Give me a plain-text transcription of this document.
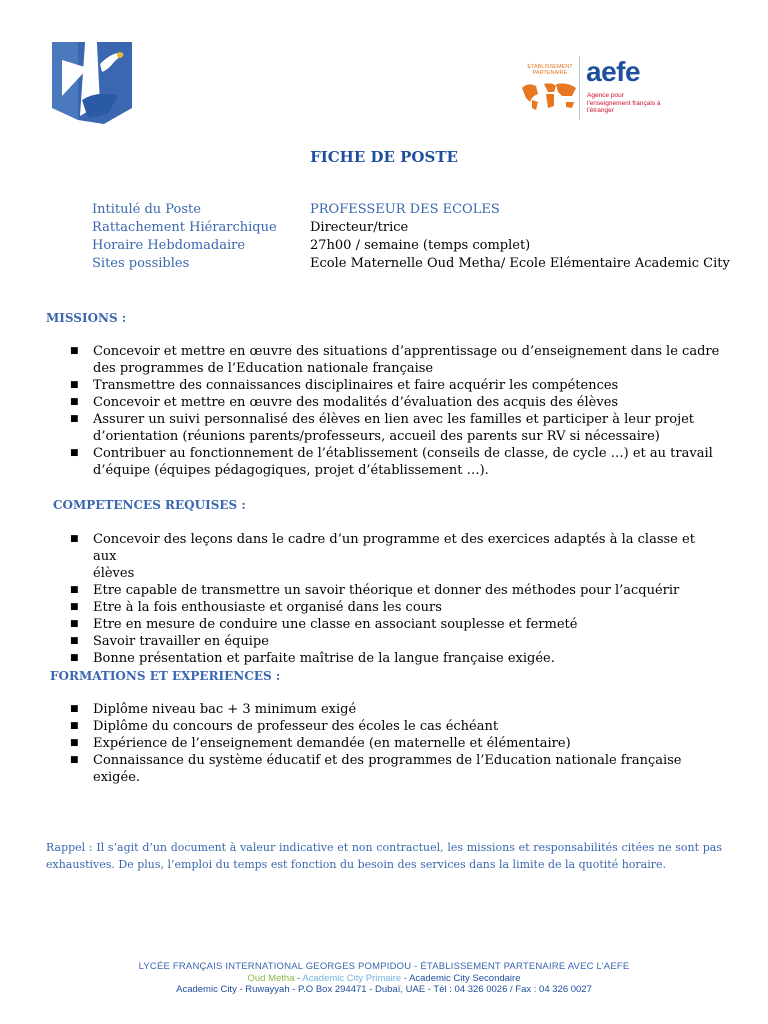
ÉTABLISSEMENT PARTENAIRE aefe
Agence pour l'enseignement français à l'étranger
FICHE DE POSTE
Intitulé du Poste	PROFESSEUR DES ECOLES
Rattachement Hiérarchique	Directeur/trice
Horaire Hebdomadaire	27h00 / semaine (temps complet)
Sites possibles	Ecole Maternelle Oud Metha/ Ecole Elémentaire Academic City
MISSIONS :
■ Concevoir et mettre en œuvre des situations d’apprentissage ou d’enseignement dans le cadre
des programmes de l’Education nationale française
■ Transmettre des connaissances disciplinaires et faire acquérir les compétences
■ Concevoir et mettre en œuvre des modalités d’évaluation des acquis des élèves
■ Assurer un suivi personnalisé des élèves en lien avec les familles et participer à leur projet
d’orientation (réunions parents/professeurs, accueil des parents sur RV si nécessaire)
■ Contribuer au fonctionnement de l’établissement (conseils de classe, de cycle …) et au travail
d’équipe (équipes pédagogiques, projet d’établissement …).
COMPETENCES REQUISES :
■ Concevoir des leçons dans le cadre d’un programme et des exercices adaptés à la classe et aux
élèves
■ Etre capable de transmettre un savoir théorique et donner des méthodes pour l’acquérir
■ Etre à la fois enthousiaste et organisé dans les cours
■ Etre en mesure de conduire une classe en associant souplesse et fermeté
■ Savoir travailler en équipe
■ Bonne présentation et parfaite maîtrise de la langue française exigée.
FORMATIONS ET EXPERIENCES :
■ Diplôme niveau bac + 3 minimum exigé
■ Diplôme du concours de professeur des écoles le cas échéant
■ Expérience de l’enseignement demandée (en maternelle et élémentaire)
■ Connaissance du système éducatif et des programmes de l’Education nationale française
exigée.
Rappel : Il s’agit d’un document à valeur indicative et non contractuel, les missions et responsabilités citées ne sont pas exhaustives. De plus, l’emploi du temps est fonction du besoin des services dans la limite de la quotité horaire.
LYCÉE FRANÇAIS INTERNATIONAL GEORGES POMPIDOU - ÉTABLISSEMENT PARTENAIRE AVEC L’AEFE
Oud Metha - Academic City Primaire - Academic City Secondaire
Academic City - Ruwayyah - P.O Box 294471 - Dubaï, UAE - Tél : 04 326 0026 / Fax : 04 326 0027
